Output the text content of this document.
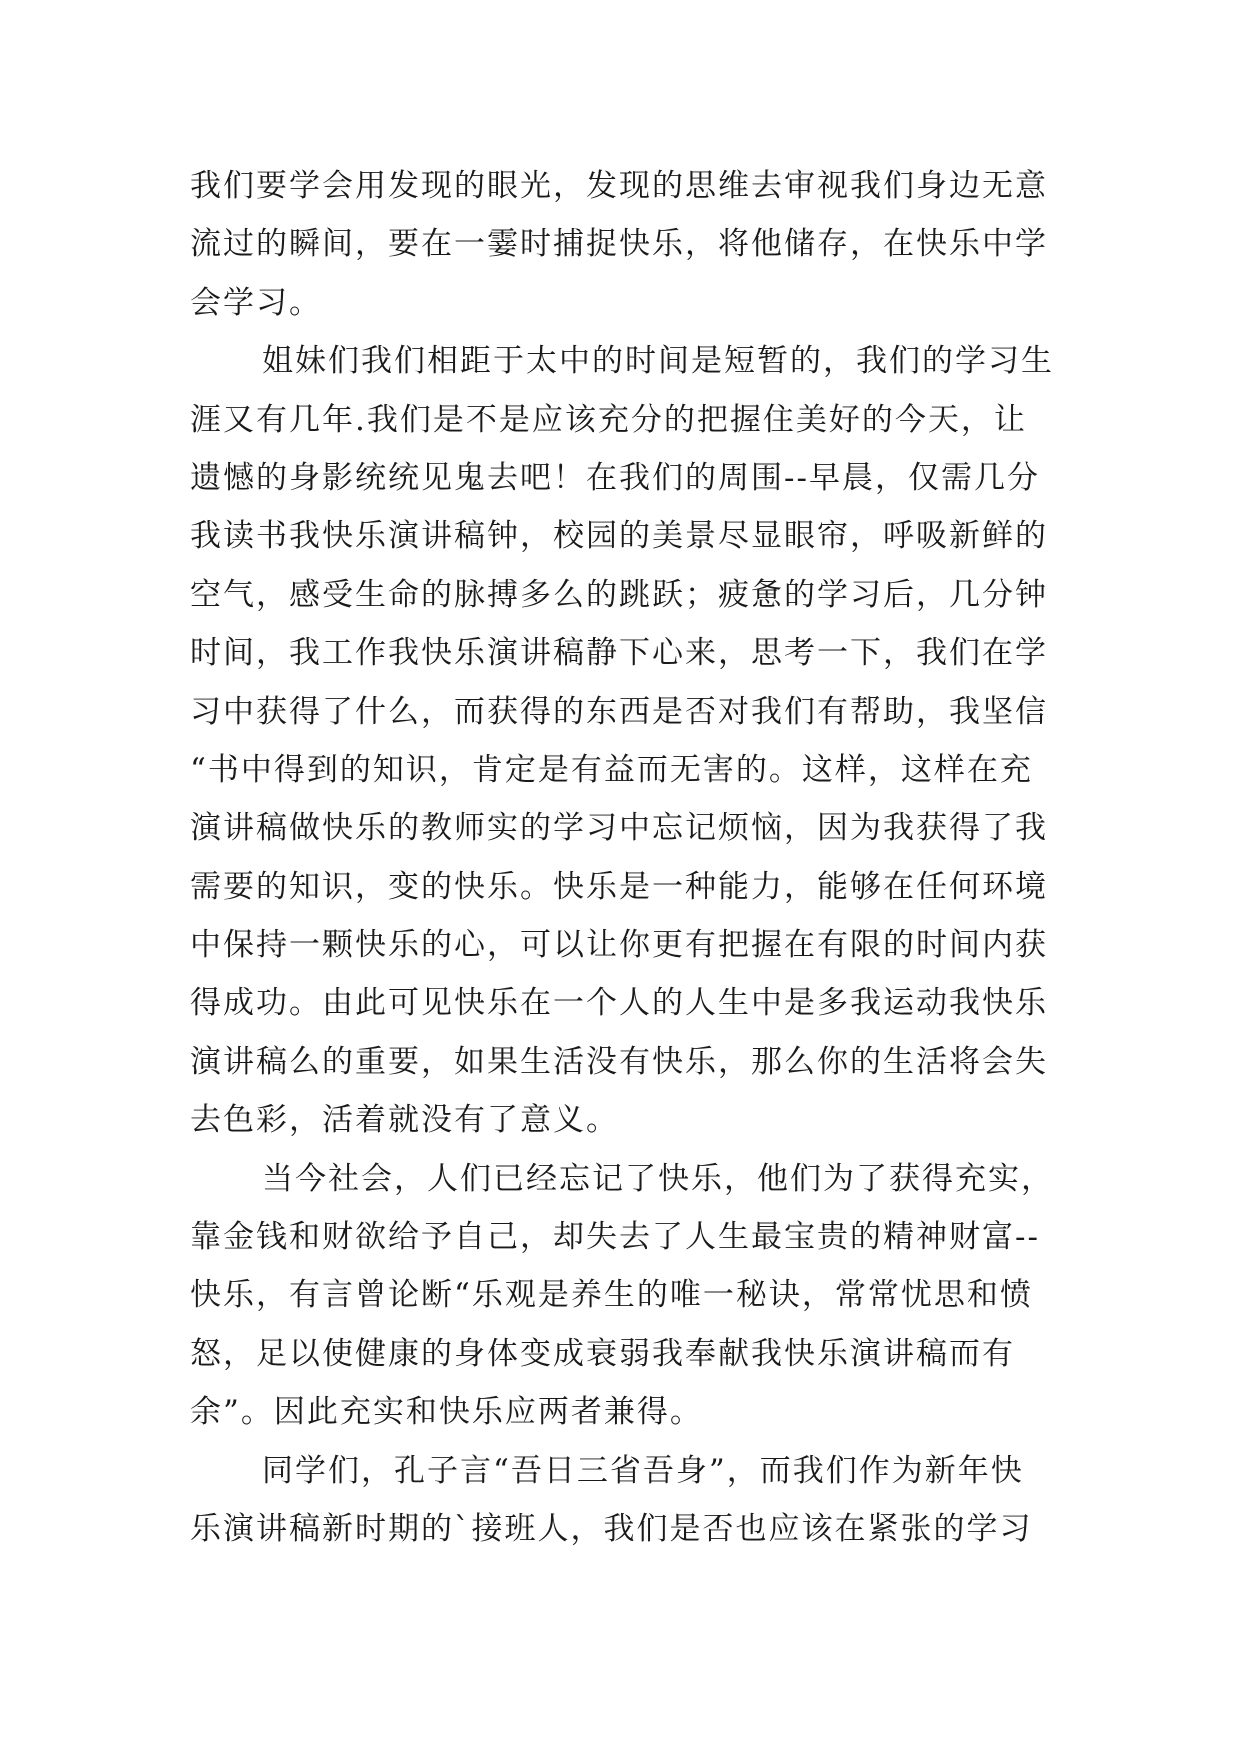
我们要学会用发现的眼光，发现的思维去审视我们身边无意
流过的瞬间，要在一霎时捕捉快乐，将他储存，在快乐中学
会学习。
姐妹们我们相距于太中的时间是短暂的，我们的学习生
涯又有几年.我们是不是应该充分的把握住美好的今天，让
遗憾的身影统统见鬼去吧！在我们的周围--早晨，仅需几分
我读书我快乐演讲稿钟，校园的美景尽显眼帘，呼吸新鲜的
空气，感受生命的脉搏多么的跳跃；疲惫的学习后，几分钟
时间，我工作我快乐演讲稿静下心来，思考一下，我们在学
习中获得了什么，而获得的东西是否对我们有帮助，我坚信
“书中得到的知识，肯定是有益而无害的。这样，这样在充
演讲稿做快乐的教师实的学习中忘记烦恼，因为我获得了我
需要的知识，变的快乐。快乐是一种能力，能够在任何环境
中保持一颗快乐的心，可以让你更有把握在有限的时间内获
得成功。由此可见快乐在一个人的人生中是多我运动我快乐
演讲稿么的重要，如果生活没有快乐，那么你的生活将会失
去色彩，活着就没有了意义。
当今社会，人们已经忘记了快乐，他们为了获得充实，
靠金钱和财欲给予自己，却失去了人生最宝贵的精神财富--
快乐，有言曾论断“乐观是养生的唯一秘诀，常常忧思和愤
怒，足以使健康的身体变成衰弱我奉献我快乐演讲稿而有
余”。因此充实和快乐应两者兼得。
同学们，孔子言“吾日三省吾身”，而我们作为新年快
乐演讲稿新时期的`接班人，我们是否也应该在紧张的学习
